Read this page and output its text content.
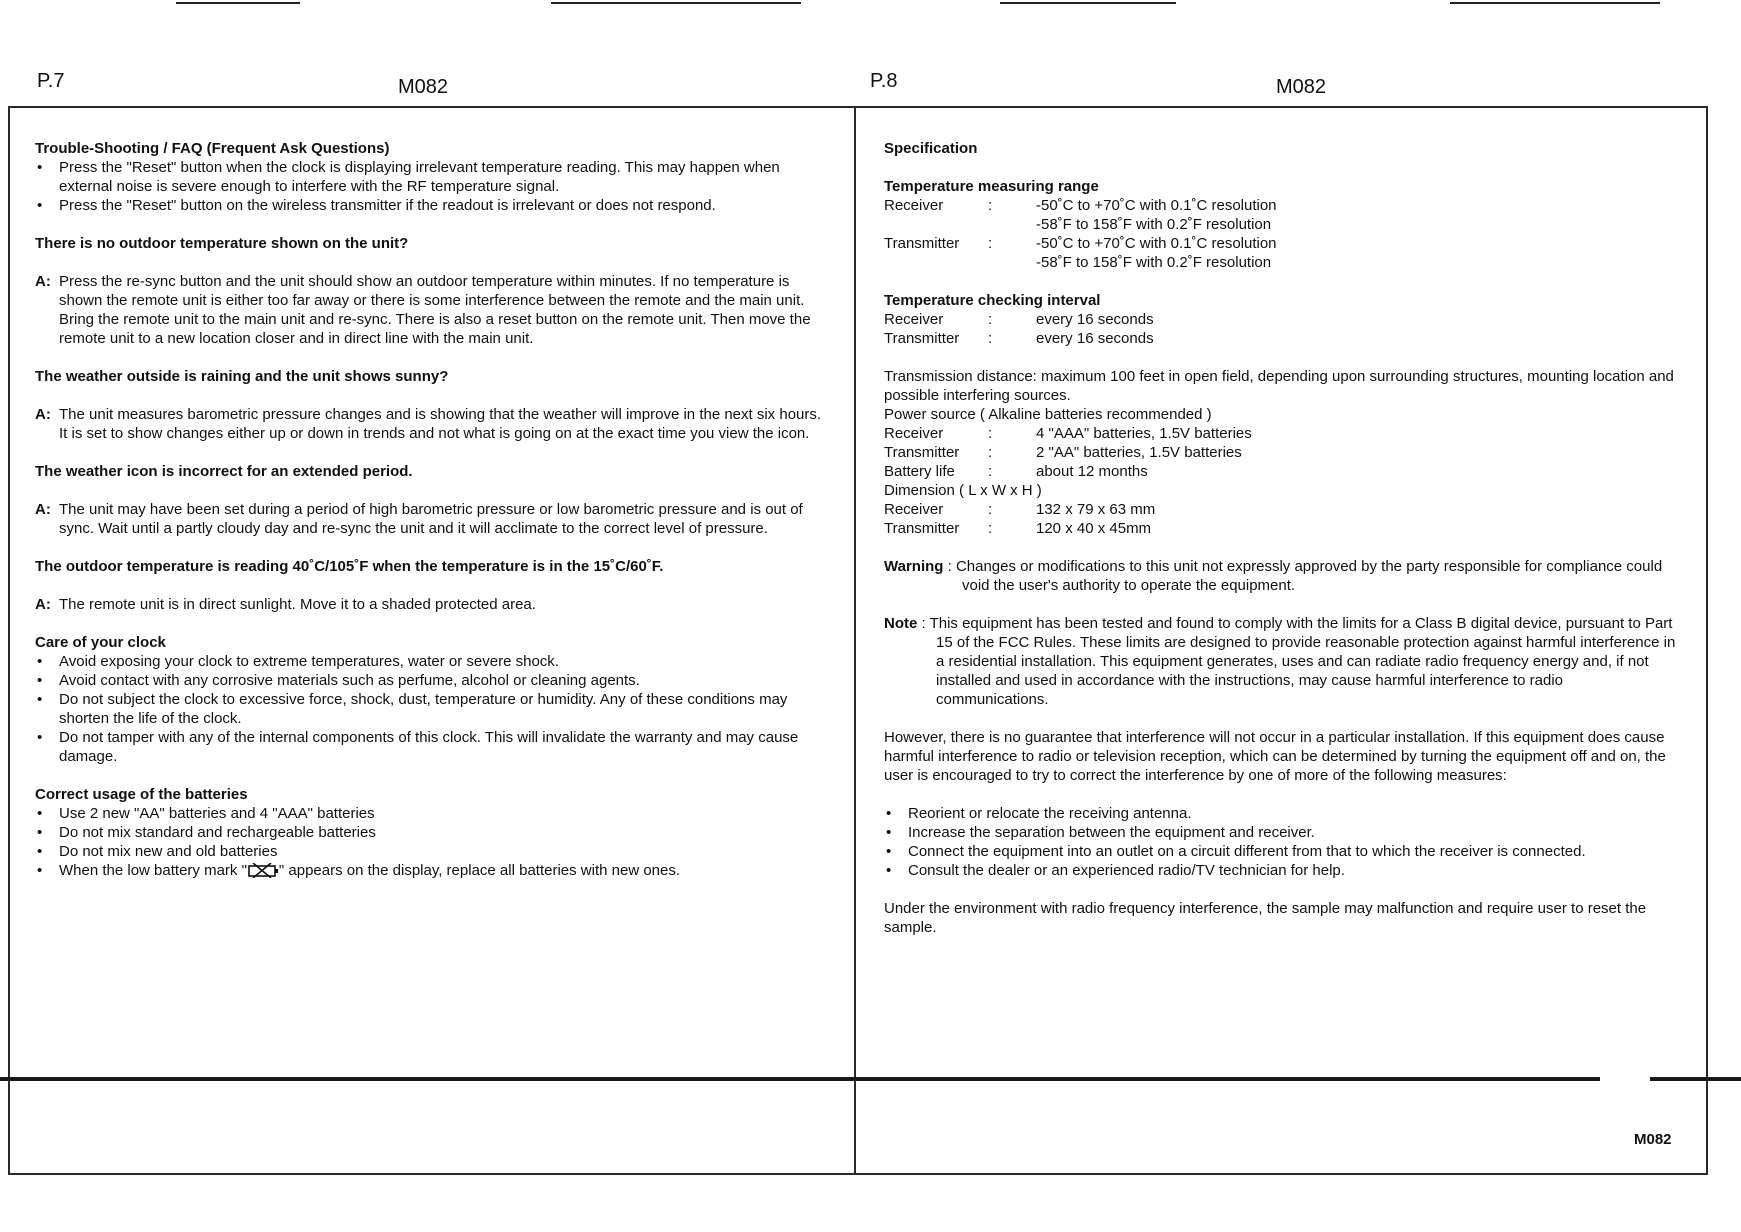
P.7	M082	P.8	M082

Trouble-Shooting / FAQ (Frequent Ask Questions)

• Press the "Reset" button when the clock is displaying irrelevant temperature reading. This may happen when external noise is severe enough to interfere with the RF temperature signal.

• Press the "Reset" button on the wireless transmitter if the readout is irrelevant or does not respond.

There is no outdoor temperature shown on the unit?

A: Press the re-sync button and the unit should show an outdoor temperature within minutes. If no temperature is shown the remote unit is either too far away or there is some interference between the remote and the main unit. Bring the remote unit to the main unit and re-sync. There is also a reset button on the remote unit. Then move the remote unit to a new location closer and in direct line with the main unit.

The weather outside is raining and the unit shows sunny?

A: The unit measures barometric pressure changes and is showing that the weather will improve in the next six hours. It is set to show changes either up or down in trends and not what is going on at the exact time you view the icon.

The weather icon is incorrect for an extended period.

A: The unit may have been set during a period of high barometric pressure or low barometric pressure and is out of sync. Wait until a partly cloudy day and re-sync the unit and it will acclimate to the correct level of pressure.

The outdoor temperature is reading 40˚C/105˚F when the temperature is in the 15˚C/60˚F.

A: The remote unit is in direct sunlight. Move it to a shaded protected area.

Care of your clock

• Avoid exposing your clock to extreme temperatures, water or severe shock.

• Avoid contact with any corrosive materials such as perfume, alcohol or cleaning agents.

• Do not subject the clock to excessive force, shock, dust, temperature or humidity. Any of these conditions may shorten the life of the clock.

• Do not tamper with any of the internal components of this clock. This will invalidate the warranty and may cause damage.

Correct usage of the batteries

• Use 2 new "AA" batteries and 4 "AAA" batteries

• Do not mix standard and rechargeable batteries

• Do not mix new and old batteries

• When the low battery mark " " appears on the display, replace all batteries with new ones.

Specification

Temperature measuring range

Receiver	:	-50˚C to +70˚C with 0.1˚C resolution
-58˚F to 158˚F with 0.2˚F resolution
Transmitter	:	-50˚C to +70˚C with 0.1˚C resolution
-58˚F to 158˚F with 0.2˚F resolution

Temperature checking interval

Receiver	:	every 16 seconds
Transmitter	:	every 16 seconds

Transmission distance: maximum 100 feet in open field, depending upon surrounding structures, mounting location and possible interfering sources.

Power source ( Alkaline batteries recommended )

Receiver	:	4 "AAA" batteries, 1.5V batteries
Transmitter	:	2 "AA" batteries, 1.5V batteries
Battery life	:	about 12 months

Dimension ( L x W x H )

Receiver	:	132 x 79 x 63 mm
Transmitter	:	120 x 40 x 45mm

Warning : Changes or modifications to this unit not expressly approved by the party responsible for compliance could void the user's authority to operate the equipment.

Note : This equipment has been tested and found to comply with the limits for a Class B digital device, pursuant to Part 15 of the FCC Rules. These limits are designed to provide reasonable protection against harmful interference in a residential installation. This equipment generates, uses and can radiate radio frequency energy and, if not installed and used in accordance with the instructions, may cause harmful interference to radio communications.

However, there is no guarantee that interference will not occur in a particular installation. If this equipment does cause harmful interference to radio or television reception, which can be determined by turning the equipment off and on, the user is encouraged to try to correct the interference by one of more of the following measures:

• Reorient or relocate the receiving antenna.

• Increase the separation between the equipment and receiver.

• Connect the equipment into an outlet on a circuit different from that to which the receiver is connected.

• Consult the dealer or an experienced radio/TV technician for help.

Under the environment with radio frequency interference, the sample may malfunction and require user to reset the sample.

M082
